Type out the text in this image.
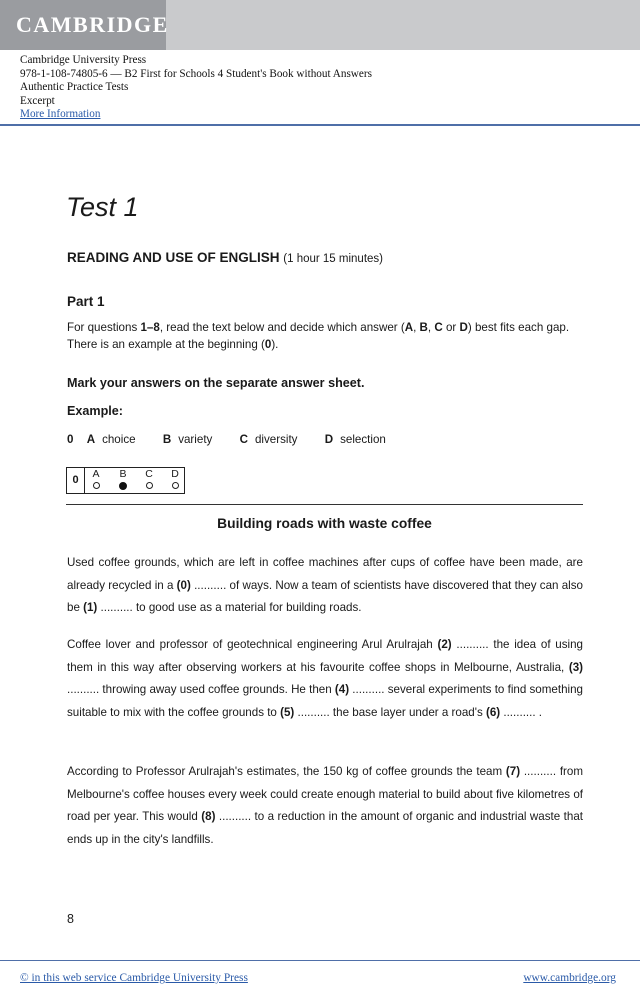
CAMBRIDGE
Cambridge University Press
978-1-108-74805-6 — B2 First for Schools 4 Student's Book without Answers
Authentic Practice Tests
Excerpt
More Information
Test 1
READING AND USE OF ENGLISH (1 hour 15 minutes)
Part 1
For questions 1–8, read the text below and decide which answer (A, B, C or D) best fits each gap. There is an example at the beginning (0).
Mark your answers on the separate answer sheet.
Example:
0 A choice B variety C diversity D selection
0	A	B	C	D
Building roads with waste coffee
Used coffee grounds, which are left in coffee machines after cups of coffee have been made, are already recycled in a (0) .......... of ways. Now a team of scientists have discovered that they can also be (1) .......... to good use as a material for building roads.
Coffee lover and professor of geotechnical engineering Arul Arulrajah (2) .......... the idea of using them in this way after observing workers at his favourite coffee shops in Melbourne, Australia, (3) .......... throwing away used coffee grounds. He then (4) .......... several experiments to find something suitable to mix with the coffee grounds to (5) .......... the base layer under a road's (6) .......... .
According to Professor Arulrajah's estimates, the 150 kg of coffee grounds the team (7) .......... from Melbourne's coffee houses every week could create enough material to build about five kilometres of road per year. This would (8) .......... to a reduction in the amount of organic and industrial waste that ends up in the city's landfills.
8
© in this web service Cambridge University Press	www.cambridge.org
